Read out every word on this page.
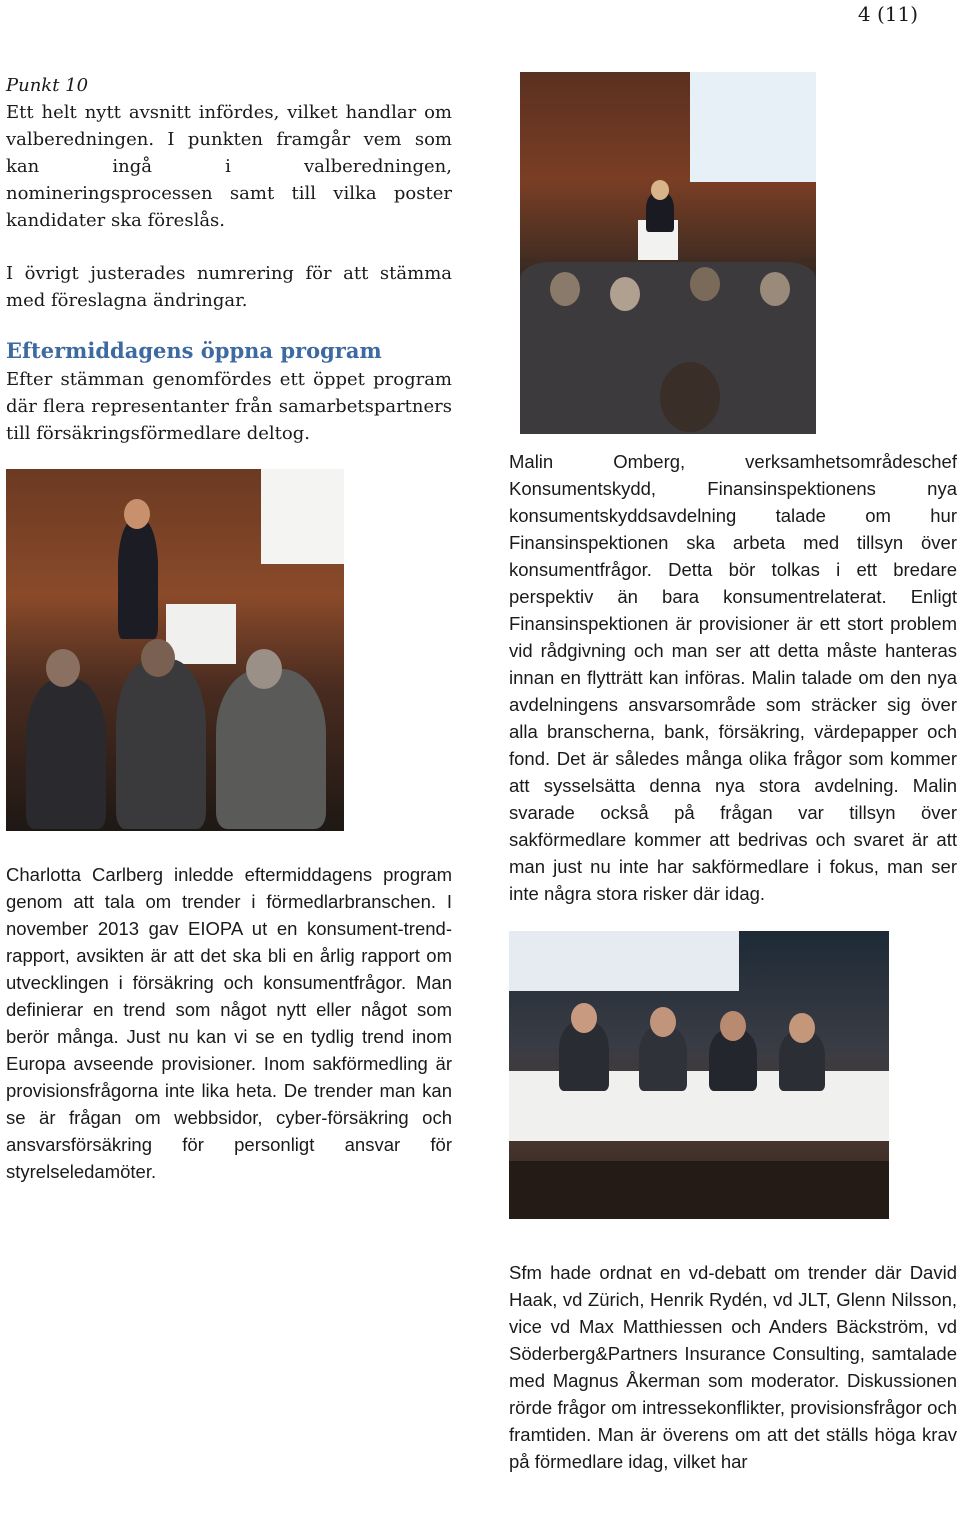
4 (11)

Punkt 10

Ett helt nytt avsnitt infördes, vilket handlar om valberedningen. I punkten framgår vem som kan ingå i valberedningen, nomineringsprocessen samt till vilka poster kandidater ska föreslås.

I övrigt justerades numrering för att stämma med föreslagna ändringar.

Eftermiddagens öppna program

Efter stämman genomfördes ett öppet program där flera representanter från samarbetspartners till försäkringsförmedlare deltog.

Charlotta Carlberg inledde eftermiddagens program genom att tala om trender i förmedlarbranschen. I november 2013 gav EIOPA ut en konsument-trend-rapport, avsikten är att det ska bli en årlig rapport om utvecklingen i försäkring och konsumentfrågor. Man definierar en trend som något nytt eller något som berör många. Just nu kan vi se en tydlig trend inom Europa avseende provisioner. Inom sakförmedling är provisionsfrågorna inte lika heta. De trender man kan se är frågan om webbsidor, cyber-försäkring och ansvarsförsäkring för personligt ansvar för styrelseledamöter.

Malin Omberg, verksamhetsområdeschef Konsumentskydd, Finansinspektionens nya konsumentskyddsavdelning talade om hur Finansinspektionen ska arbeta med tillsyn över konsumentfrågor. Detta bör tolkas i ett bredare perspektiv än bara konsumentrelaterat. Enligt Finansinspektionen är provisioner är ett stort problem vid rådgivning och man ser att detta måste hanteras innan en flytträtt kan införas. Malin talade om den nya avdelningens ansvarsområde som sträcker sig över alla branscherna, bank, försäkring, värdepapper och fond. Det är således många olika frågor som kommer att sysselsätta denna nya stora avdelning. Malin svarade också på frågan var tillsyn över sakförmedlare kommer att bedrivas och svaret är att man just nu inte har sakförmedlare i fokus, man ser inte några stora risker där idag.

Sfm hade ordnat en vd-debatt om trender där David Haak, vd Zürich, Henrik Rydén, vd JLT, Glenn Nilsson, vice vd Max Matthiessen och Anders Bäckström, vd Söderberg&Partners Insurance Consulting, samtalade med Magnus Åkerman som moderator. Diskussionen rörde frågor om intressekonflikter, provisionsfrågor och framtiden. Man är överens om att det ställs höga krav på förmedlare idag, vilket har
